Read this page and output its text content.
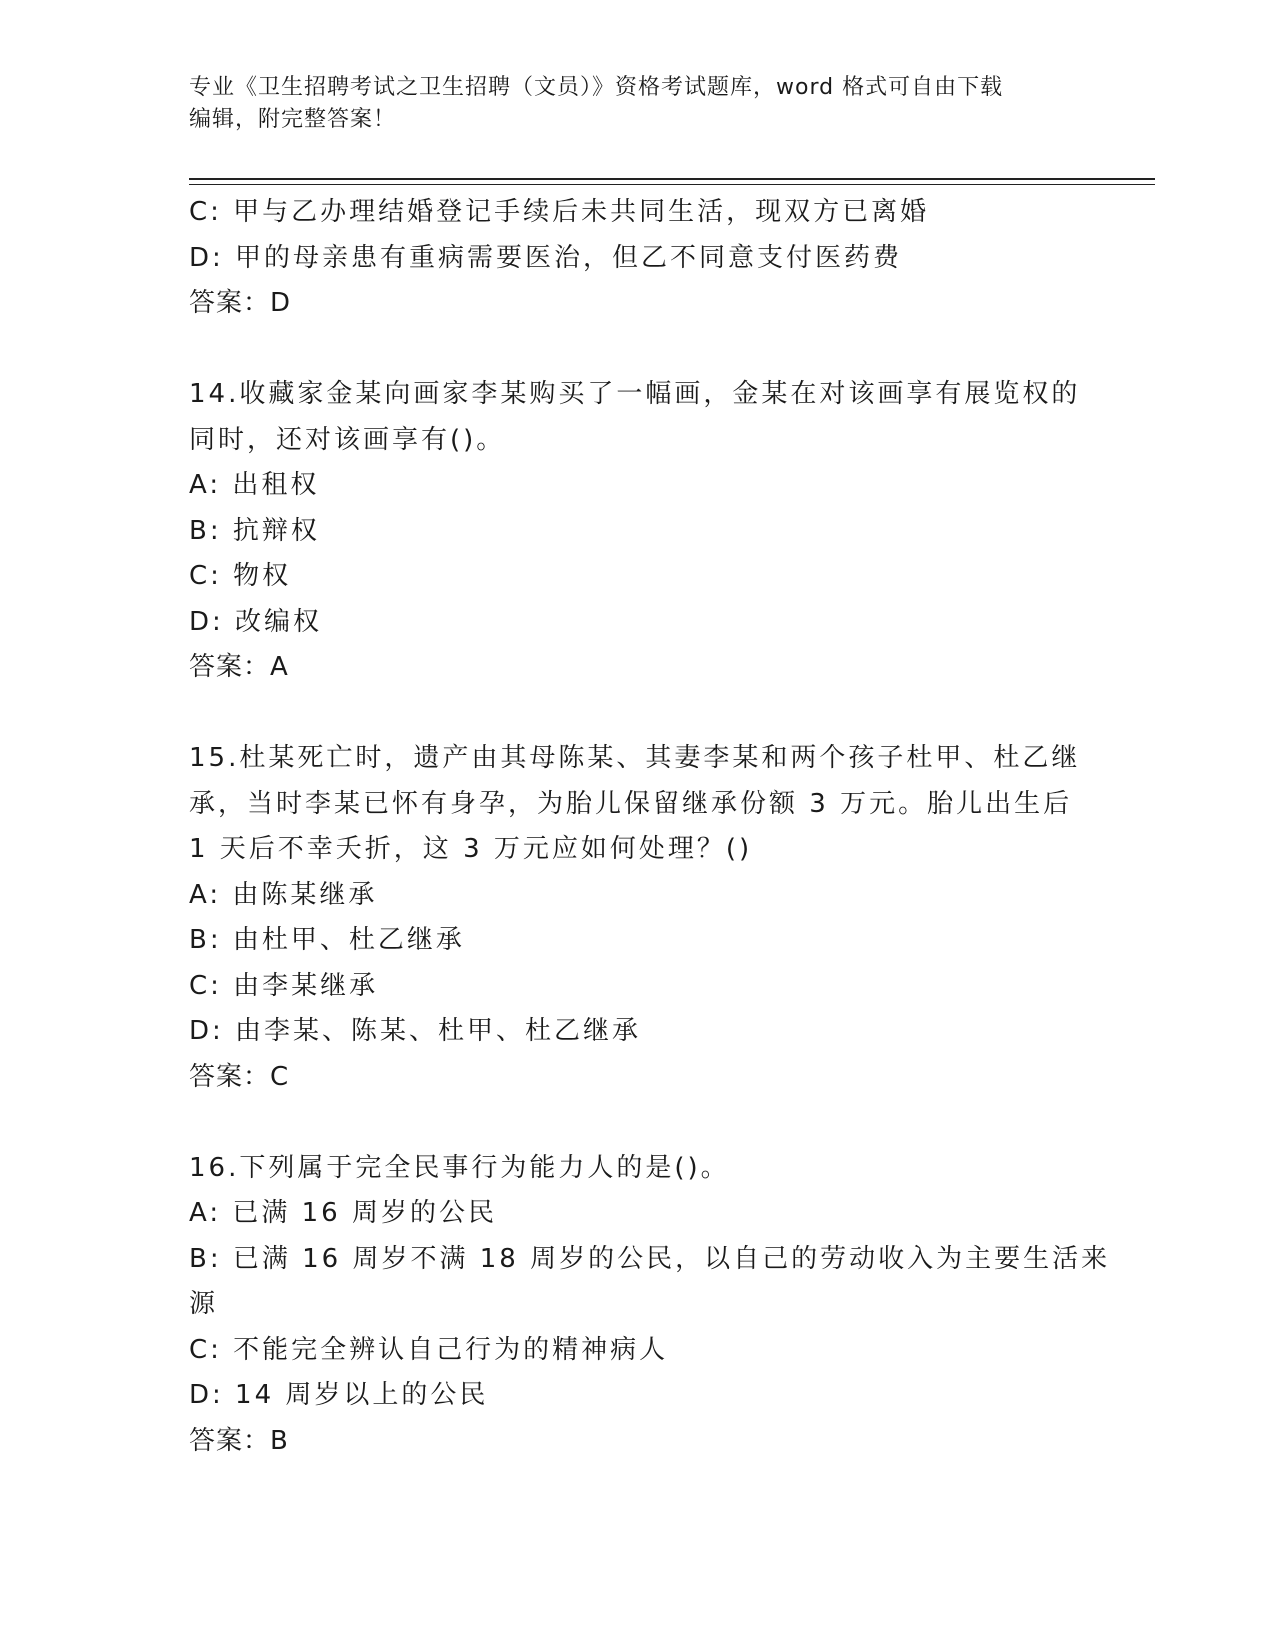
专业《卫生招聘考试之卫生招聘（文员）》资格考试题库，word 格式可自由下载
编辑，附完整答案！
C: 甲与乙办理结婚登记手续后未共同生活，现双方已离婚
D: 甲的母亲患有重病需要医治，但乙不同意支付医药费
答案：D
14.收藏家金某向画家李某购买了一幅画，金某在对该画享有展览权的
同时，还对该画享有()。
A: 出租权
B: 抗辩权
C: 物权
D: 改编权
答案：A
15.杜某死亡时，遗产由其母陈某、其妻李某和两个孩子杜甲、杜乙继
承，当时李某已怀有身孕，为胎儿保留继承份额 3 万元。胎儿出生后
1 天后不幸夭折，这 3 万元应如何处理？()
A: 由陈某继承
B: 由杜甲、杜乙继承
C: 由李某继承
D: 由李某、陈某、杜甲、杜乙继承
答案：C
16.下列属于完全民事行为能力人的是()。
A: 已满 16 周岁的公民
B: 已满 16 周岁不满 18 周岁的公民，以自己的劳动收入为主要生活来
源
C: 不能完全辨认自己行为的精神病人
D: 14 周岁以上的公民
答案：B
